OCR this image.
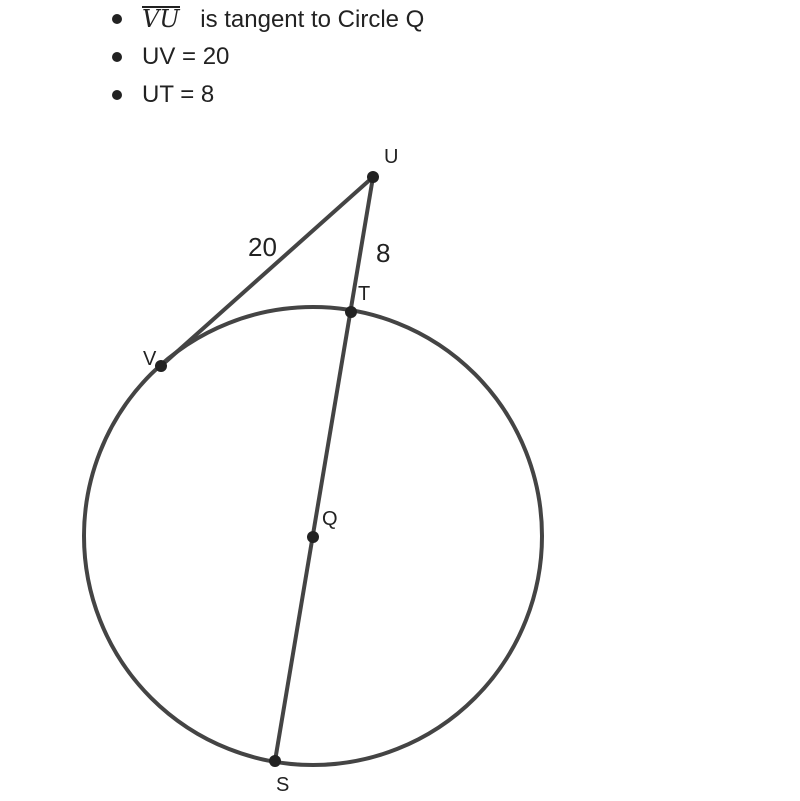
VU is tangent to Circle Q
UV = 20
UT = 8
U
T
V
Q
S
20	8
